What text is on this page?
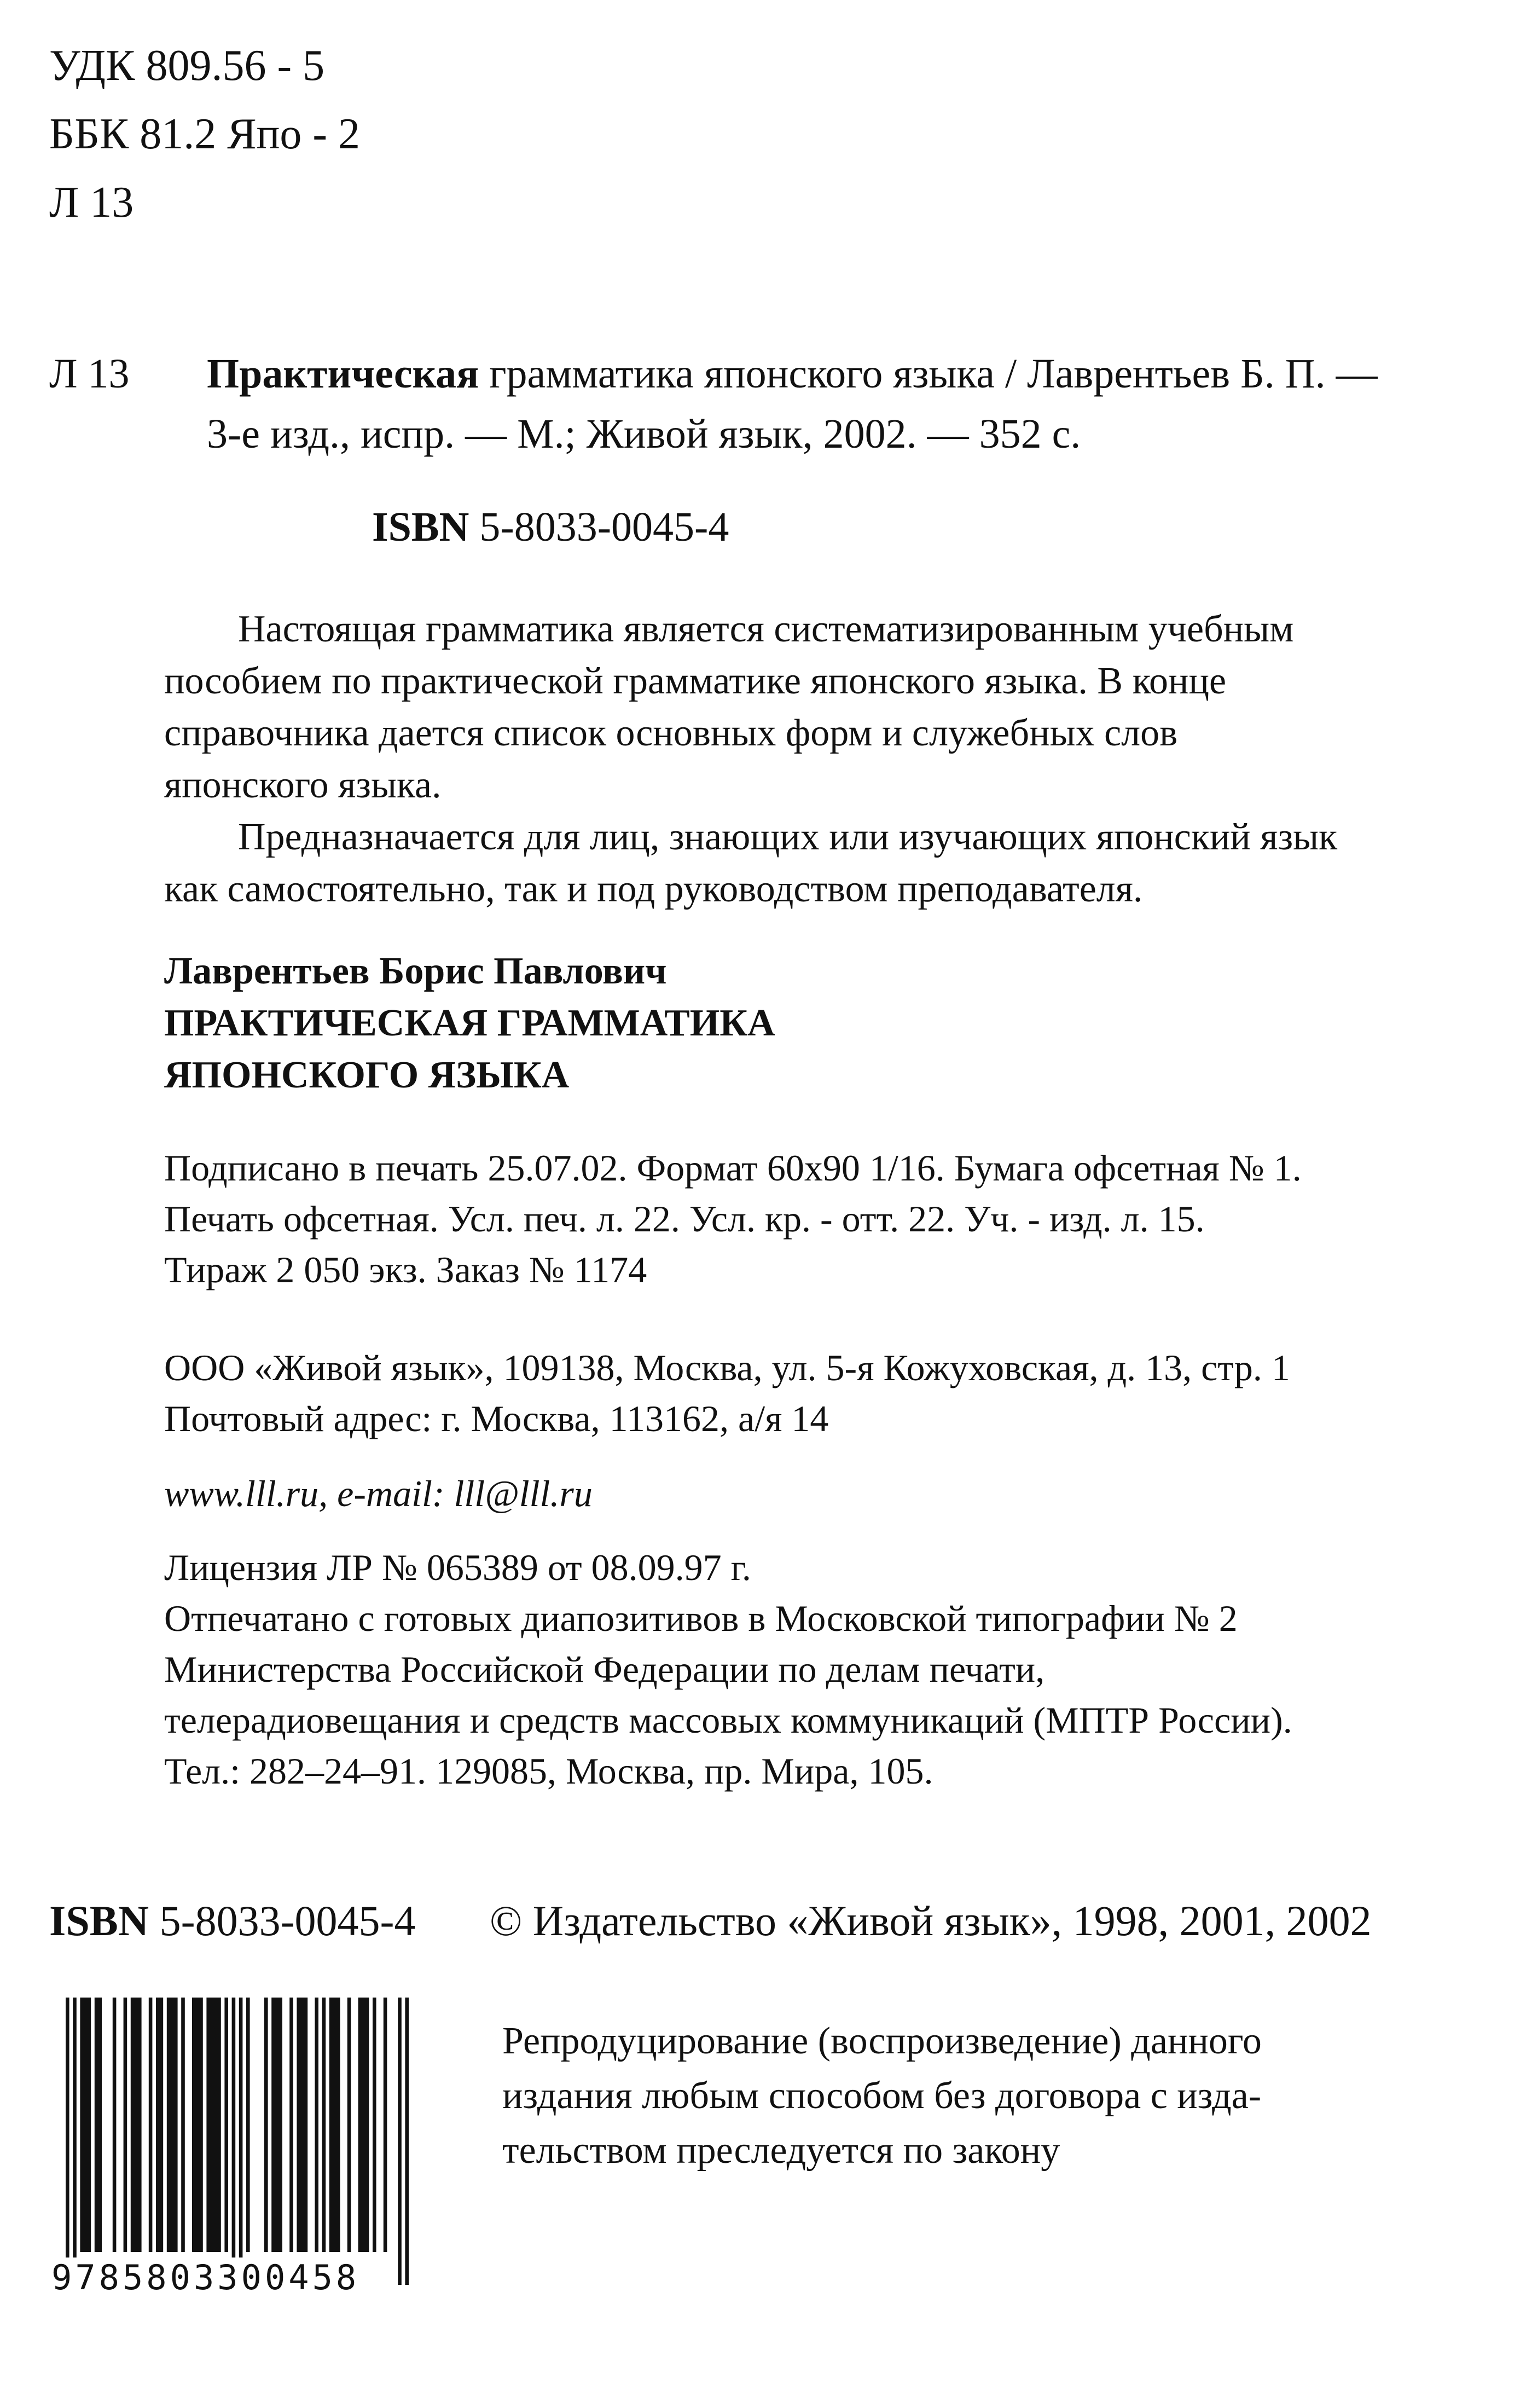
УДК 809.56 - 5
ББК 81.2 Япо - 2
Л 13
Л 13 Практическая грамматика японского языка / Лаврентьев Б. П. —
3-е изд., испр. — М.; Живой язык, 2002. — 352 с.
ISBN 5-8033-0045-4
Настоящая грамматика является систематизированным учебным
пособием по практической грамматике японского языка. В конце
справочника дается список основных форм и служебных слов
японского языка.
Предназначается для лиц, знающих или изучающих японский язык
как самостоятельно, так и под руководством преподавателя.
Лаврентьев Борис Павлович
ПРАКТИЧЕСКАЯ ГРАММАТИКА
ЯПОНСКОГО ЯЗЫКА
Подписано в печать 25.07.02. Формат 60x90 1/16. Бумага офсетная № 1.
Печать офсетная. Усл. печ. л. 22. Усл. кр. - отт. 22. Уч. - изд. л. 15.
Тираж 2 050 экз. Заказ № 1174
ООО «Живой язык», 109138, Москва, ул. 5-я Кожуховская, д. 13, стр. 1
Почтовый адрес: г. Москва, 113162, а/я 14
www.lll.ru, e-mail: lll@lll.ru
Лицензия ЛР № 065389 от 08.09.97 г.
Отпечатано с готовых диапозитивов в Московской типографии № 2
Министерства Российской Федерации по делам печати,
телерадиовещания и средств массовых коммуникаций (МПТР России).
Тел.: 282–24–91. 129085, Москва, пр. Мира, 105.
ISBN 5-8033-0045-4 © Издательство «Живой язык», 1998, 2001, 2002
9785803300458
Репродуцирование (воспроизведение) данного
издания любым способом без договора с изда-
тельством преследуется по закону
